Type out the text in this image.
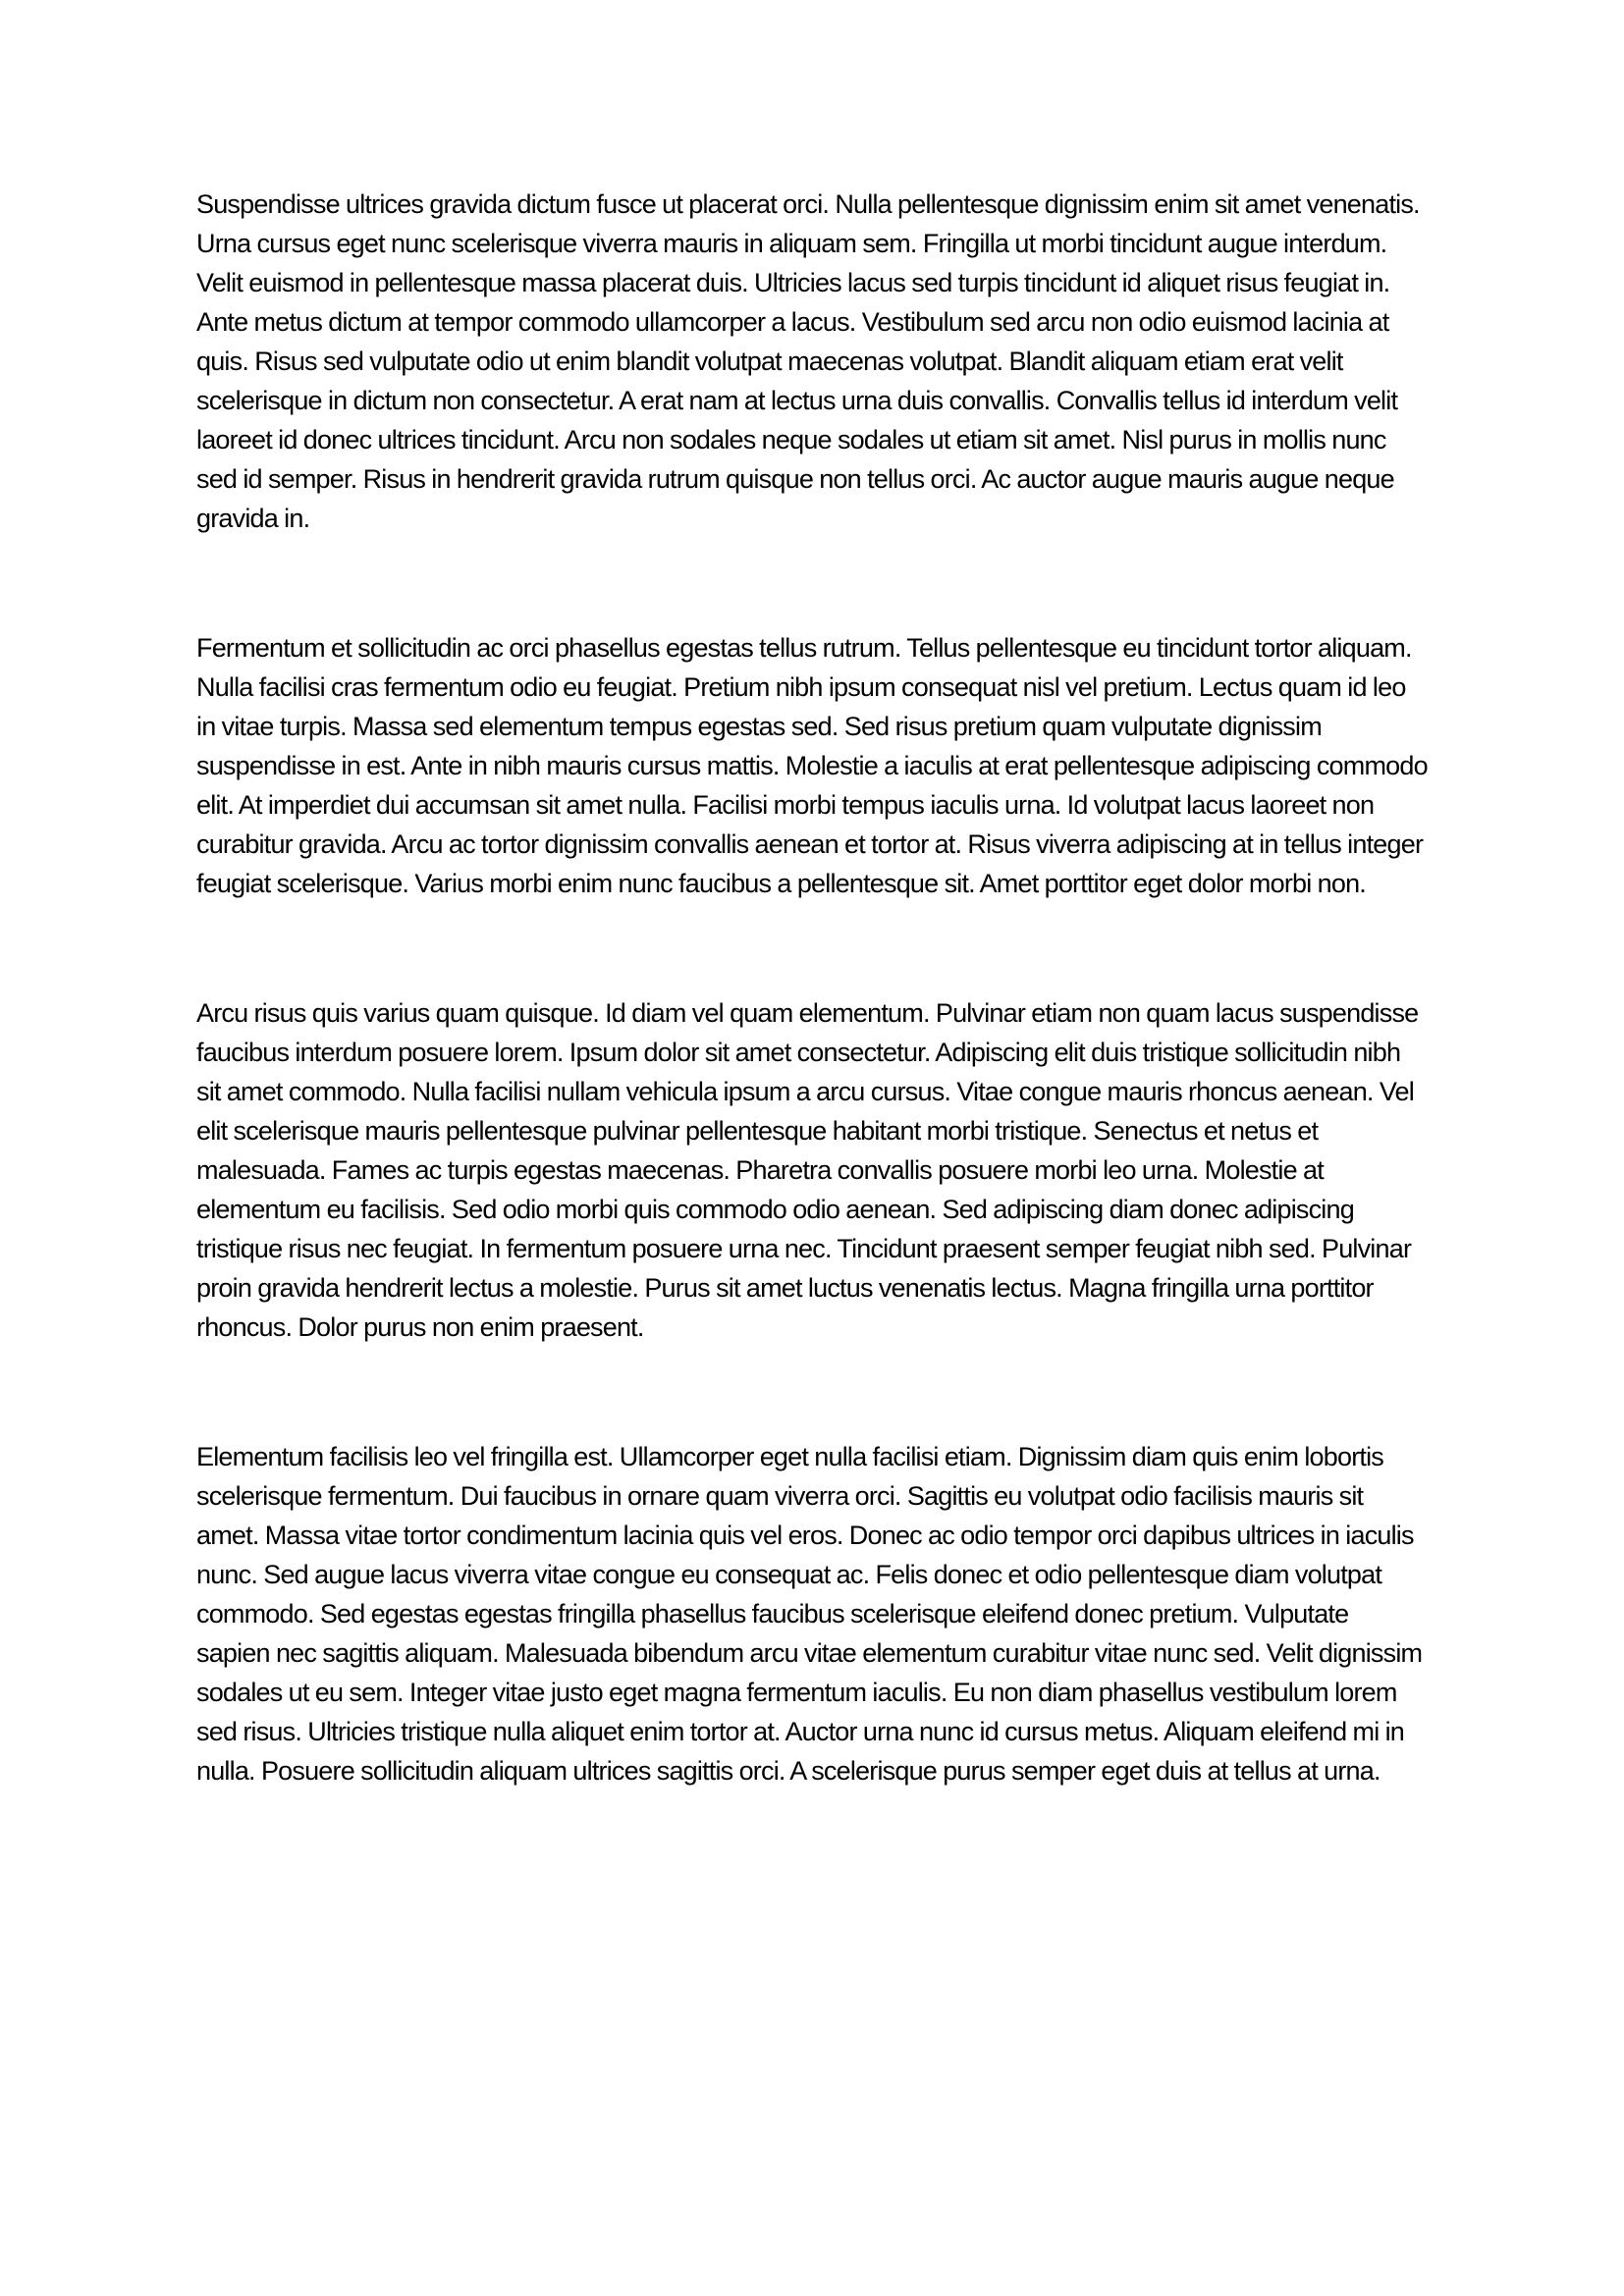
Suspendisse ultrices gravida dictum fusce ut placerat orci. Nulla pellentesque dignissim enim sit amet venenatis. Urna cursus eget nunc scelerisque viverra mauris in aliquam sem. Fringilla ut morbi tincidunt augue interdum. Velit euismod in pellentesque massa placerat duis. Ultricies lacus sed turpis tincidunt id aliquet risus feugiat in. Ante metus dictum at tempor commodo ullamcorper a lacus. Vestibulum sed arcu non odio euismod lacinia at quis. Risus sed vulputate odio ut enim blandit volutpat maecenas volutpat. Blandit aliquam etiam erat velit scelerisque in dictum non consectetur. A erat nam at lectus urna duis convallis. Convallis tellus id interdum velit laoreet id donec ultrices tincidunt. Arcu non sodales neque sodales ut etiam sit amet. Nisl purus in mollis nunc sed id semper. Risus in hendrerit gravida rutrum quisque non tellus orci. Ac auctor augue mauris augue neque gravida in.

Fermentum et sollicitudin ac orci phasellus egestas tellus rutrum. Tellus pellentesque eu tincidunt tortor aliquam. Nulla facilisi cras fermentum odio eu feugiat. Pretium nibh ipsum consequat nisl vel pretium. Lectus quam id leo in vitae turpis. Massa sed elementum tempus egestas sed. Sed risus pretium quam vulputate dignissim suspendisse in est. Ante in nibh mauris cursus mattis. Molestie a iaculis at erat pellentesque adipiscing commodo elit. At imperdiet dui accumsan sit amet nulla. Facilisi morbi tempus iaculis urna. Id volutpat lacus laoreet non curabitur gravida. Arcu ac tortor dignissim convallis aenean et tortor at. Risus viverra adipiscing at in tellus integer feugiat scelerisque. Varius morbi enim nunc faucibus a pellentesque sit. Amet porttitor eget dolor morbi non.

Arcu risus quis varius quam quisque. Id diam vel quam elementum. Pulvinar etiam non quam lacus suspendisse faucibus interdum posuere lorem. Ipsum dolor sit amet consectetur. Adipiscing elit duis tristique sollicitudin nibh sit amet commodo. Nulla facilisi nullam vehicula ipsum a arcu cursus. Vitae congue mauris rhoncus aenean. Vel elit scelerisque mauris pellentesque pulvinar pellentesque habitant morbi tristique. Senectus et netus et malesuada. Fames ac turpis egestas maecenas. Pharetra convallis posuere morbi leo urna. Molestie at elementum eu facilisis. Sed odio morbi quis commodo odio aenean. Sed adipiscing diam donec adipiscing tristique risus nec feugiat. In fermentum posuere urna nec. Tincidunt praesent semper feugiat nibh sed. Pulvinar proin gravida hendrerit lectus a molestie. Purus sit amet luctus venenatis lectus. Magna fringilla urna porttitor rhoncus. Dolor purus non enim praesent.

Elementum facilisis leo vel fringilla est. Ullamcorper eget nulla facilisi etiam. Dignissim diam quis enim lobortis scelerisque fermentum. Dui faucibus in ornare quam viverra orci. Sagittis eu volutpat odio facilisis mauris sit amet. Massa vitae tortor condimentum lacinia quis vel eros. Donec ac odio tempor orci dapibus ultrices in iaculis nunc. Sed augue lacus viverra vitae congue eu consequat ac. Felis donec et odio pellentesque diam volutpat commodo. Sed egestas egestas fringilla phasellus faucibus scelerisque eleifend donec pretium. Vulputate sapien nec sagittis aliquam. Malesuada bibendum arcu vitae elementum curabitur vitae nunc sed. Velit dignissim sodales ut eu sem. Integer vitae justo eget magna fermentum iaculis. Eu non diam phasellus vestibulum lorem sed risus. Ultricies tristique nulla aliquet enim tortor at. Auctor urna nunc id cursus metus. Aliquam eleifend mi in nulla. Posuere sollicitudin aliquam ultrices sagittis orci. A scelerisque purus semper eget duis at tellus at urna.
